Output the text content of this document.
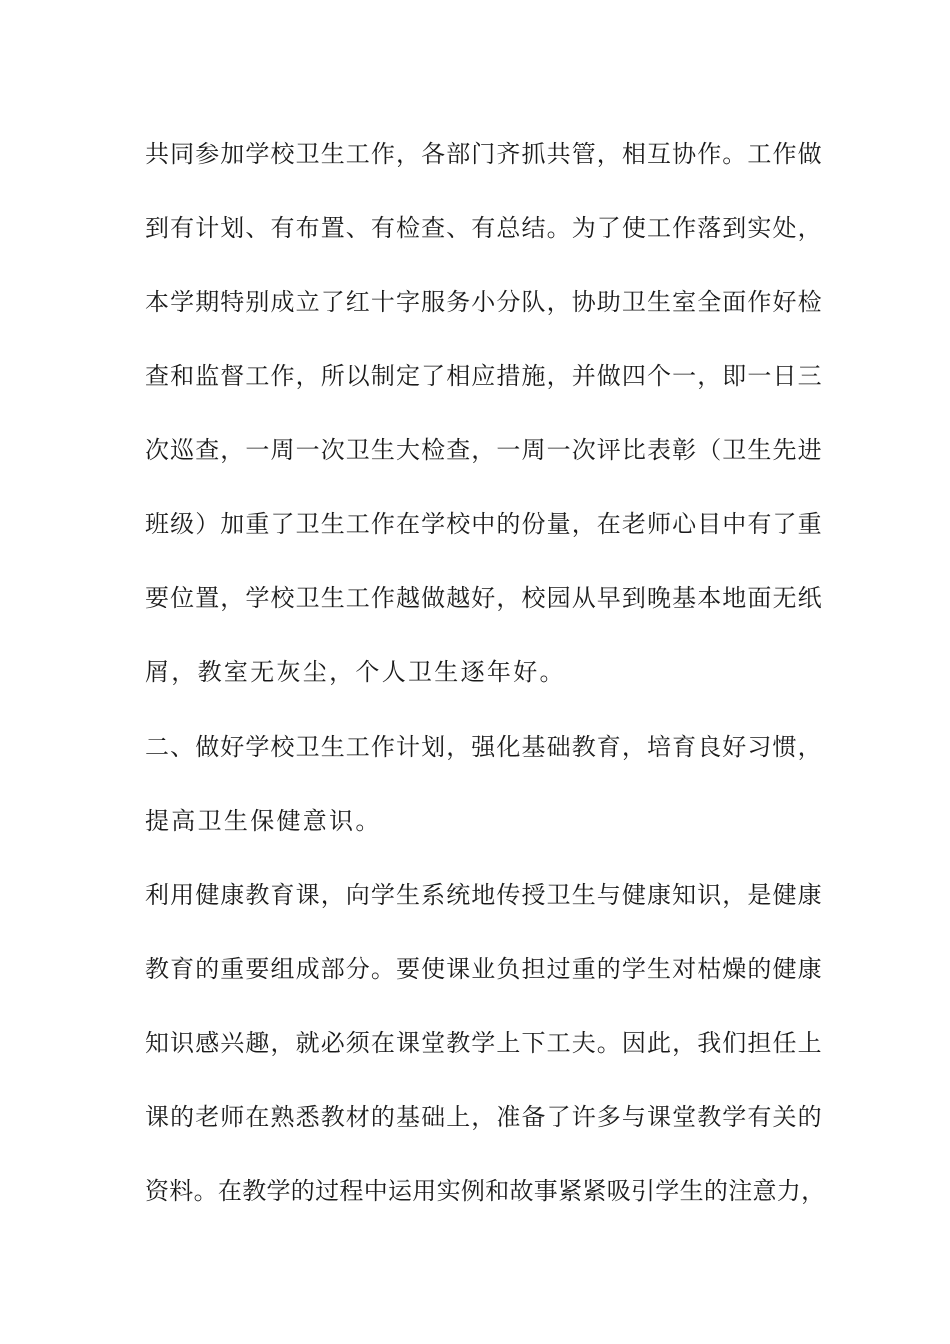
共同参加学校卫生工作，各部门齐抓共管，相互协作。工作做
到有计划、有布置、有检查、有总结。为了使工作落到实处，
本学期特别成立了红十字服务小分队，协助卫生室全面作好检
查和监督工作，所以制定了相应措施，并做四个一，即一日三
次巡查，一周一次卫生大检查，一周一次评比表彰（卫生先进
班级）加重了卫生工作在学校中的份量，在老师心目中有了重
要位置，学校卫生工作越做越好，校园从早到晚基本地面无纸
屑，教室无灰尘，个人卫生逐年好。
二、做好学校卫生工作计划，强化基础教育，培育良好习惯，
提高卫生保健意识。
利用健康教育课，向学生系统地传授卫生与健康知识，是健康
教育的重要组成部分。要使课业负担过重的学生对枯燥的健康
知识感兴趣，就必须在课堂教学上下工夫。因此，我们担任上
课的老师在熟悉教材的基础上，准备了许多与课堂教学有关的
资料。在教学的过程中运用实例和故事紧紧吸引学生的注意力，
